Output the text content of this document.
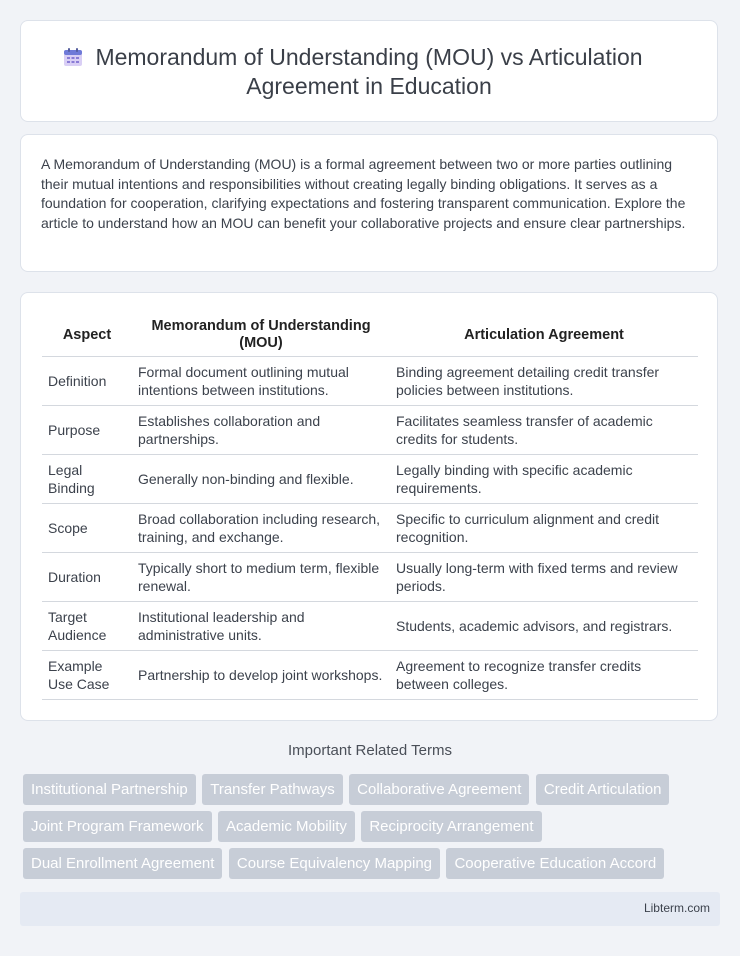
Memorandum of Understanding (MOU) vs Articulation
Agreement in Education
A Memorandum of Understanding (MOU) is a formal agreement between two or more parties outlining their mutual intentions and responsibilities without creating legally binding obligations. It serves as a foundation for cooperation, clarifying expectations and fostering transparent communication. Explore the article to understand how an MOU can benefit your collaborative projects and ensure clear partnerships.
Aspect	Memorandum of Understanding (MOU)	Articulation Agreement
Definition	Formal document outlining mutual intentions between institutions.	Binding agreement detailing credit transfer policies between institutions.
Purpose	Establishes collaboration and partnerships.	Facilitates seamless transfer of academic credits for students.
Legal Binding	Generally non-binding and flexible.	Legally binding with specific academic requirements.
Scope	Broad collaboration including research, training, and exchange.	Specific to curriculum alignment and credit recognition.
Duration	Typically short to medium term, flexible renewal.	Usually long-term with fixed terms and review periods.
Target Audience	Institutional leadership and administrative units.	Students, academic advisors, and registrars.
Example Use Case	Partnership to develop joint workshops.	Agreement to recognize transfer credits between colleges.
Important Related Terms
Institutional Partnership Transfer Pathways Collaborative Agreement Credit Articulation
Joint Program Framework Academic Mobility Reciprocity Arrangement
Dual Enrollment Agreement Course Equivalency Mapping Cooperative Education Accord
Libterm.com
